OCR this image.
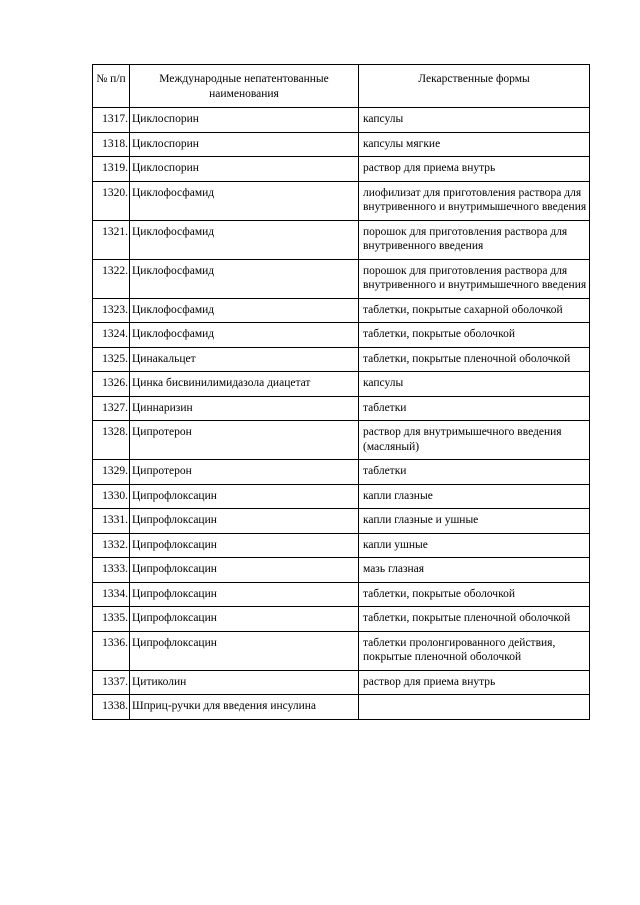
№ п/п	Международные непатентованные наименования	Лекарственные формы
1317.	Циклоспорин	капсулы
1318.	Циклоспорин	капсулы мягкие
1319.	Циклоспорин	раствор для приема внутрь
1320.	Циклофосфамид	лиофилизат для приготовления раствора для внутривенного и внутримышечного введения
1321.	Циклофосфамид	порошок для приготовления раствора для внутривенного введения
1322.	Циклофосфамид	порошок для приготовления раствора для внутривенного и внутримышечного введения
1323.	Циклофосфамид	таблетки, покрытые сахарной оболочкой
1324.	Циклофосфамид	таблетки, покрытые оболочкой
1325.	Цинакальцет	таблетки, покрытые пленочной оболочкой
1326.	Цинка бисвинилимидазола диацетат	капсулы
1327.	Циннаризин	таблетки
1328.	Ципротерон	раствор для внутримышечного введения (масляный)
1329.	Ципротерон	таблетки
1330.	Ципрофлоксацин	капли глазные
1331.	Ципрофлоксацин	капли глазные и ушные
1332.	Ципрофлоксацин	капли ушные
1333.	Ципрофлоксацин	мазь глазная
1334.	Ципрофлоксацин	таблетки, покрытые оболочкой
1335.	Ципрофлоксацин	таблетки, покрытые пленочной оболочкой
1336.	Ципрофлоксацин	таблетки пролонгированного действия, покрытые пленочной оболочкой
1337.	Цитиколин	раствор для приема внутрь
1338.	Шприц-ручки для введения инсулина	
